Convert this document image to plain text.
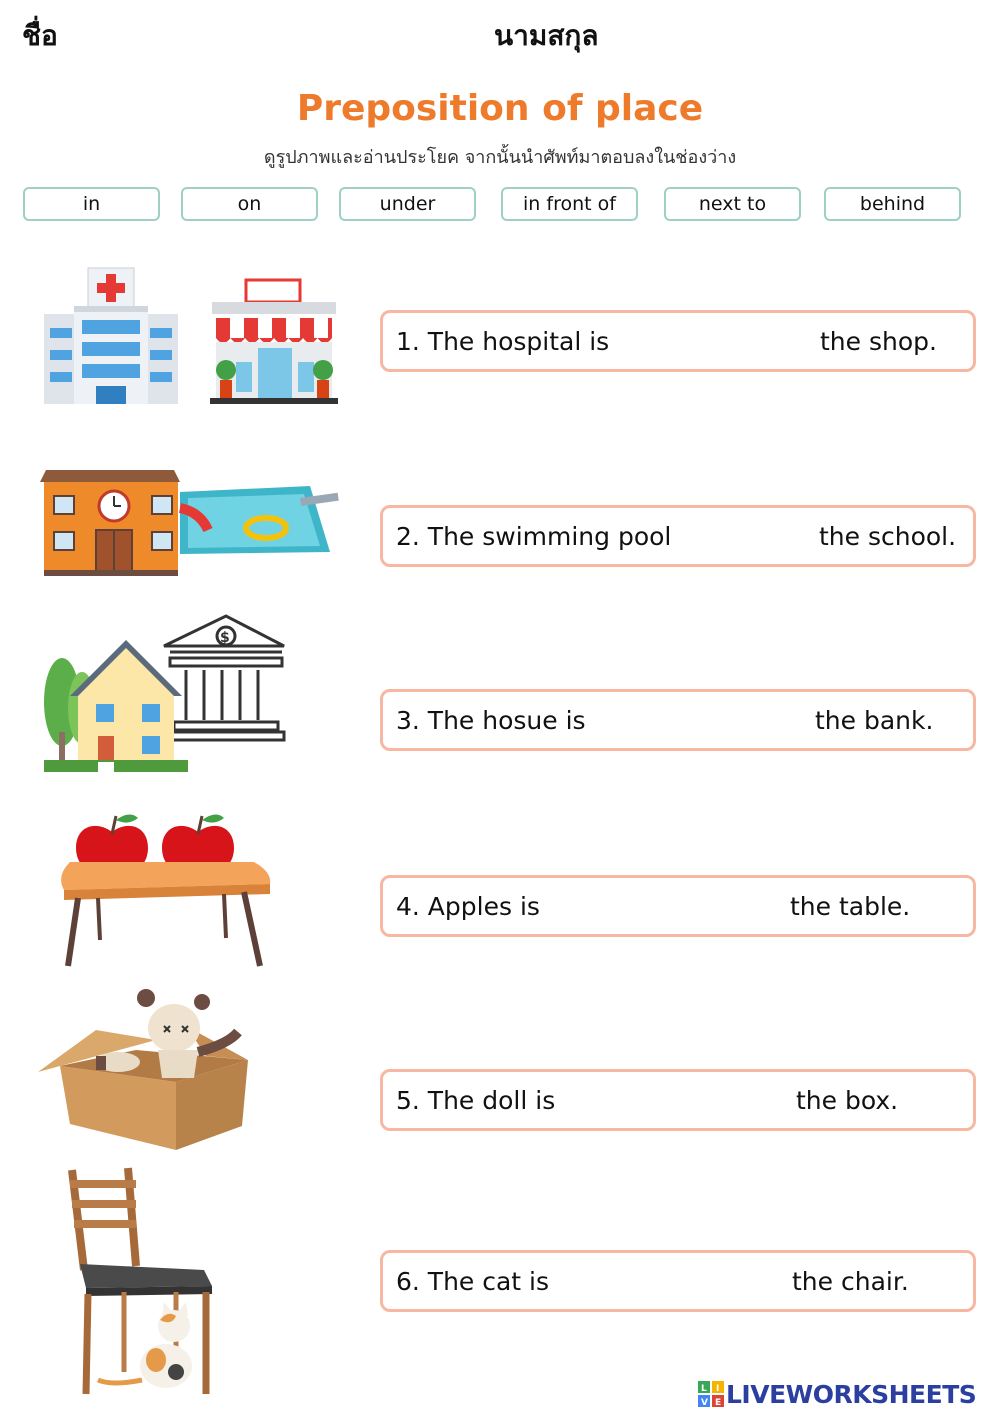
ชื่อ	นามสกุล
Preposition of place
ดูรูปภาพและอ่านประโยค จากนั้นนำศัพท์มาตอบลงในช่องว่าง
in	on	under	in front of	next to	behind
1. The hospital is	the shop.
2. The swimming pool	the school.
$
3. The hosue is	the bank.
4. Apples is	the table.
5. The doll is	the box.
6. The cat is	the chair.
L I
V E LIVEWORKSHEETS
